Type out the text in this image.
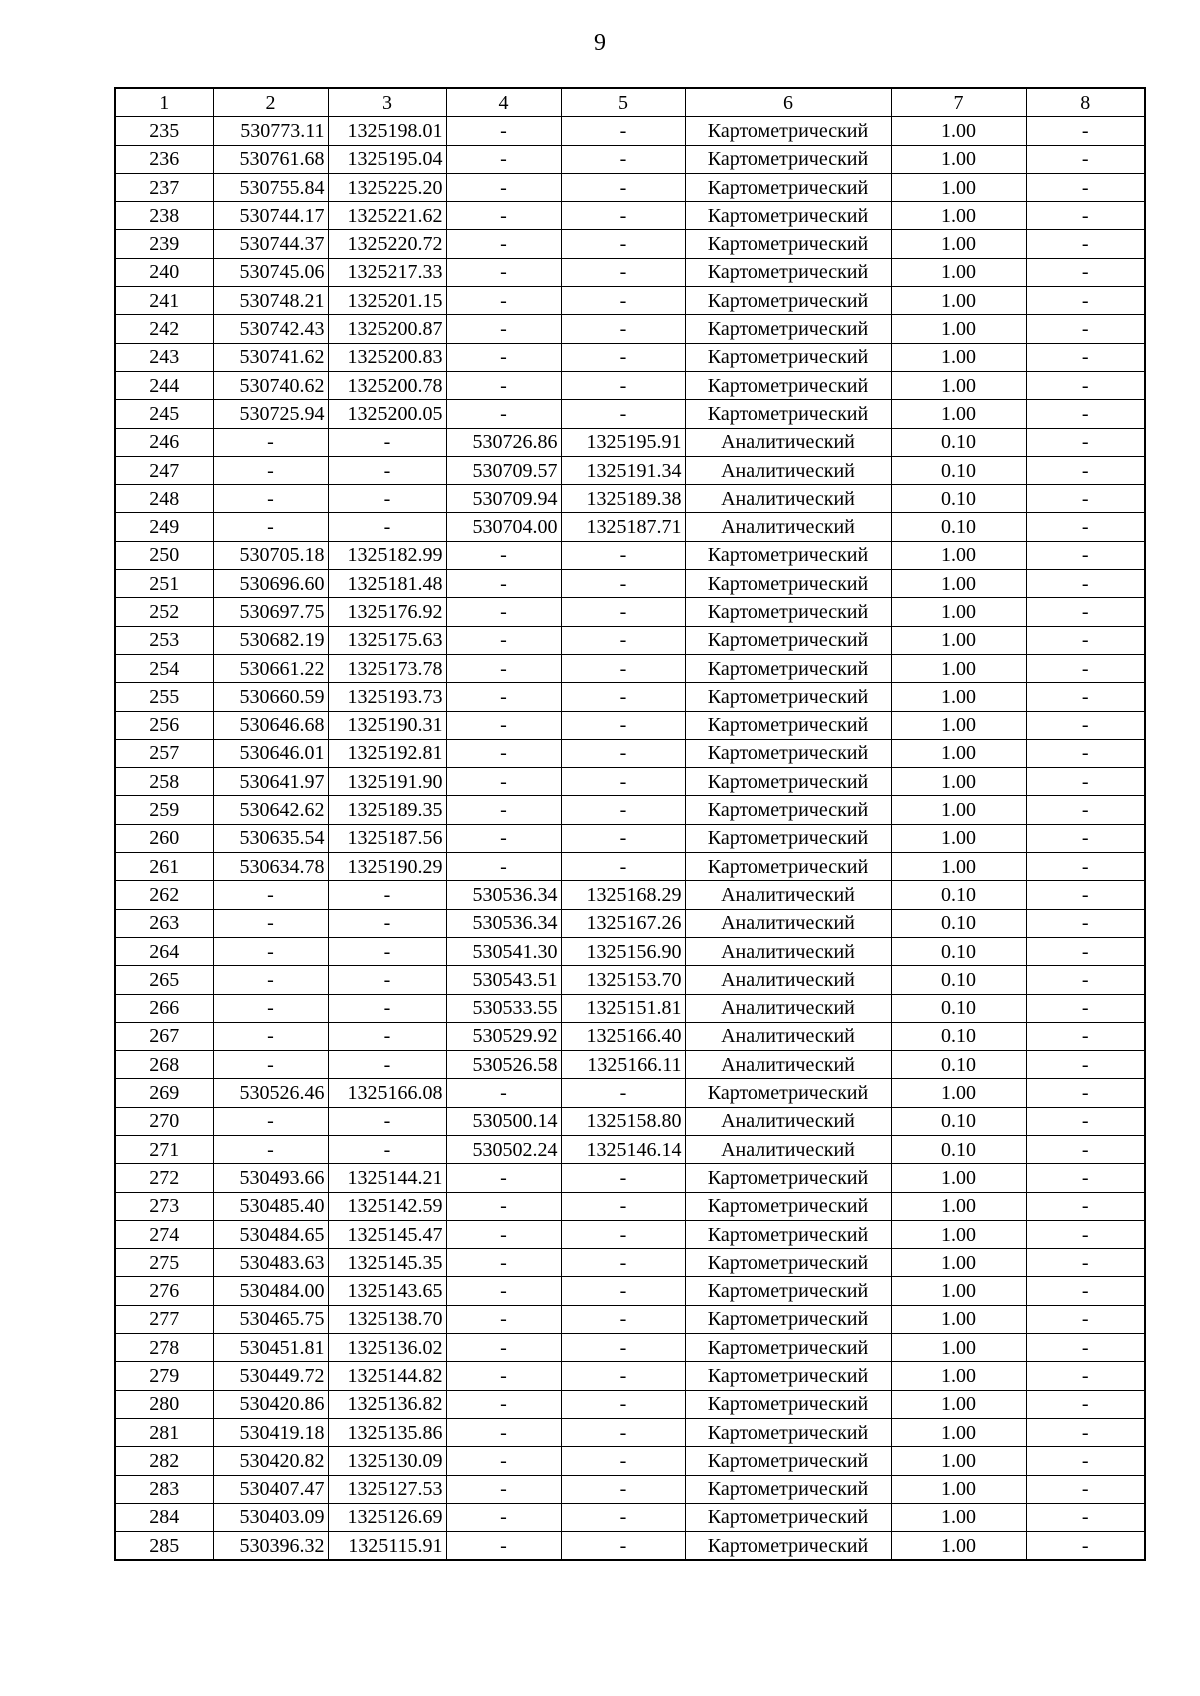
9
1	2	3	4	5	6	7	8
235	530773.11	1325198.01	-	-	Картометрический	1.00	-
236	530761.68	1325195.04	-	-	Картометрический	1.00	-
237	530755.84	1325225.20	-	-	Картометрический	1.00	-
238	530744.17	1325221.62	-	-	Картометрический	1.00	-
239	530744.37	1325220.72	-	-	Картометрический	1.00	-
240	530745.06	1325217.33	-	-	Картометрический	1.00	-
241	530748.21	1325201.15	-	-	Картометрический	1.00	-
242	530742.43	1325200.87	-	-	Картометрический	1.00	-
243	530741.62	1325200.83	-	-	Картометрический	1.00	-
244	530740.62	1325200.78	-	-	Картометрический	1.00	-
245	530725.94	1325200.05	-	-	Картометрический	1.00	-
246	-	-	530726.86	1325195.91	Аналитический	0.10	-
247	-	-	530709.57	1325191.34	Аналитический	0.10	-
248	-	-	530709.94	1325189.38	Аналитический	0.10	-
249	-	-	530704.00	1325187.71	Аналитический	0.10	-
250	530705.18	1325182.99	-	-	Картометрический	1.00	-
251	530696.60	1325181.48	-	-	Картометрический	1.00	-
252	530697.75	1325176.92	-	-	Картометрический	1.00	-
253	530682.19	1325175.63	-	-	Картометрический	1.00	-
254	530661.22	1325173.78	-	-	Картометрический	1.00	-
255	530660.59	1325193.73	-	-	Картометрический	1.00	-
256	530646.68	1325190.31	-	-	Картометрический	1.00	-
257	530646.01	1325192.81	-	-	Картометрический	1.00	-
258	530641.97	1325191.90	-	-	Картометрический	1.00	-
259	530642.62	1325189.35	-	-	Картометрический	1.00	-
260	530635.54	1325187.56	-	-	Картометрический	1.00	-
261	530634.78	1325190.29	-	-	Картометрический	1.00	-
262	-	-	530536.34	1325168.29	Аналитический	0.10	-
263	-	-	530536.34	1325167.26	Аналитический	0.10	-
264	-	-	530541.30	1325156.90	Аналитический	0.10	-
265	-	-	530543.51	1325153.70	Аналитический	0.10	-
266	-	-	530533.55	1325151.81	Аналитический	0.10	-
267	-	-	530529.92	1325166.40	Аналитический	0.10	-
268	-	-	530526.58	1325166.11	Аналитический	0.10	-
269	530526.46	1325166.08	-	-	Картометрический	1.00	-
270	-	-	530500.14	1325158.80	Аналитический	0.10	-
271	-	-	530502.24	1325146.14	Аналитический	0.10	-
272	530493.66	1325144.21	-	-	Картометрический	1.00	-
273	530485.40	1325142.59	-	-	Картометрический	1.00	-
274	530484.65	1325145.47	-	-	Картометрический	1.00	-
275	530483.63	1325145.35	-	-	Картометрический	1.00	-
276	530484.00	1325143.65	-	-	Картометрический	1.00	-
277	530465.75	1325138.70	-	-	Картометрический	1.00	-
278	530451.81	1325136.02	-	-	Картометрический	1.00	-
279	530449.72	1325144.82	-	-	Картометрический	1.00	-
280	530420.86	1325136.82	-	-	Картометрический	1.00	-
281	530419.18	1325135.86	-	-	Картометрический	1.00	-
282	530420.82	1325130.09	-	-	Картометрический	1.00	-
283	530407.47	1325127.53	-	-	Картометрический	1.00	-
284	530403.09	1325126.69	-	-	Картометрический	1.00	-
285	530396.32	1325115.91	-	-	Картометрический	1.00	-
